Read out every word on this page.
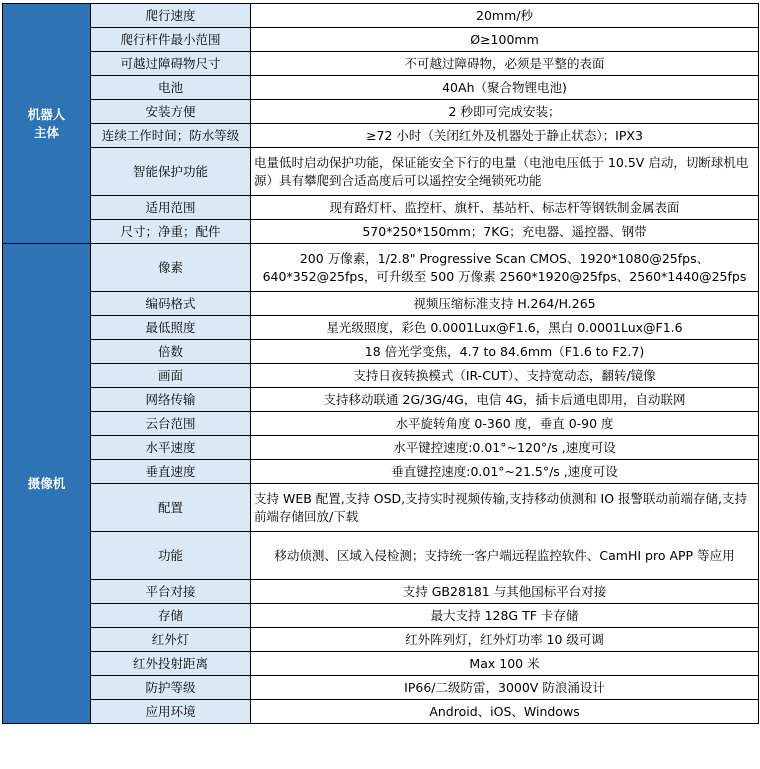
机器人
主体	爬行速度	20mm/秒
	爬行杆件最小范围	Ø≥100mm
	可越过障碍物尺寸	不可越过障碍物，必须是平整的表面
	电池	40Ah（聚合物锂电池)
	安装方便	2 秒即可完成安装；
	连续工作时间；防水等级	≥72 小时（关闭红外及机器处于静止状态）；IPX3
	智能保护功能	电量低时启动保护功能，保证能安全下行的电量（电池电压低于 10.5V 启动，切断球机电源）具有攀爬到合适高度后可以遥控安全绳锁死功能
	适用范围	现有路灯杆、监控杆、旗杆、基站杆、标志杆等钢铁制金属表面
	尺寸；净重；配件	570*250*150mm；7KG；充电器、遥控器、钢带

摄像机	像素	200 万像素，1/2.8" Progressive Scan CMOS、1920*1080@25fps、640*352@25fps，可升级至 500 万像素 2560*1920@25fps、2560*1440@25fps
	编码格式	视频压缩标准支持 H.264/H.265
	最低照度	星光级照度，彩色 0.0001Lux@F1.6，黑白 0.0001Lux@F1.6
	倍数	18 倍光学变焦，4.7 to 84.6mm（F1.6 to F2.7)
	画面	支持日夜转换模式（IR-CUT）、支持宽动态，翻转/镜像
	网络传输	支持移动联通 2G/3G/4G，电信 4G，插卡后通电即用，自动联网
	云台范围	水平旋转角度 0-360 度，垂直 0-90 度
	水平速度	水平键控速度:0.01°~120°/s ,速度可设
	垂直速度	垂直键控速度:0.01°~21.5°/s ,速度可设
	配置	支持 WEB 配置,支持 OSD,支持实时视频传输,支持移动侦测和 IO 报警联动前端存储,支持前端存储回放/下载
	功能	移动侦测、区域入侵检测；支持统一客户端远程监控软件、CamHI pro APP 等应用
	平台对接	支持 GB28181 与其他国标平台对接
	存储	最大支持 128G TF 卡存储
	红外灯	红外阵列灯，红外灯功率 10 级可调
	红外投射距离	Max 100 米
	防护等级	IP66/二级防雷，3000V 防浪涌设计
	应用环境	Android、iOS、Windows
